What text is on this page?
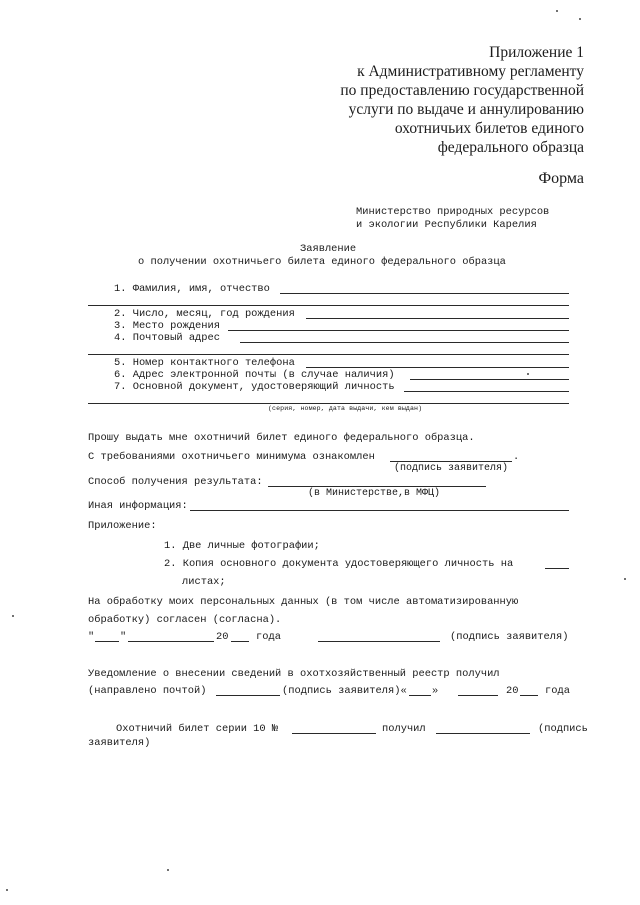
Приложение 1
к Административному регламенту
по предоставлению государственной
услуги по выдаче и аннулированию
охотничьих билетов единого
федерального образца
Форма
Министерство природных ресурсов
и экологии Республики Карелия
Заявление
о получении охотничьего билета единого федерального образца
1. Фамилия, имя, отчество
2. Число, месяц, год рождения
3. Место рождения
4. Почтовый адрес
5. Номер контактного телефона
6. Адрес электронной почты (в случае наличия)
7. Основной документ, удостоверяющий личность
(серия, номер, дата выдачи, кем выдан)
Прошу выдать мне охотничий билет единого федерального образца.
С требованиями охотничьего минимума ознакомлен	.
(подпись заявителя)
Способ получения результата:
(в Министерстве,в МФЦ)
Иная информация:
Приложение:
1. Две личные фотографии;
2. Копия основного документа удостоверяющего личность на
листах;
На обработку моих персональных данных (в том числе автоматизированную
обработку) согласен (согласна).
" "	20	года	(подпись заявителя)
Уведомление о внесении сведений в охотхозяйственный реестр получил
(направлено почтой)	(подпись заявителя)« »	20	года
Охотничий билет серии 10 №	получил	(подпись
заявителя)
